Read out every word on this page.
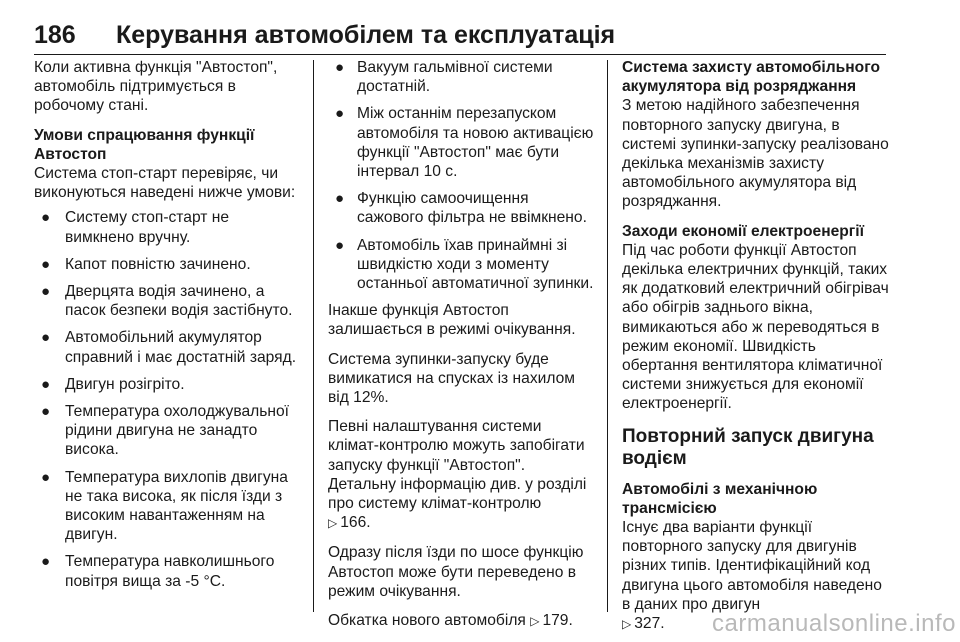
186 Керування автомобілем та експлуатація

Коли активна функція "Автостоп", автомобіль підтримується в робочому стані.

Умови спрацювання функції Автостоп

Система стоп-старт перевіряє, чи виконуються наведені нижче умови:

● Систему стоп-старт не вимкнено вручну.
● Капот повністю зачинено.
● Дверцята водія зачинено, а пасок безпеки водія застібнуто.
● Автомобільний акумулятор справний і має достатній заряд.
● Двигун розігріто.
● Температура охолоджувальної рідини двигуна не занадто висока.
● Температура вихлопів двигуна не така висока, як після їзди з високим навантаженням на двигун.
● Температура навколишнього повітря вища за -5 °C.
● Вакуум гальмівної системи достатній.
● Між останнім перезапуском автомобіля та новою активацією функції "Автостоп" має бути інтервал 10 с.
● Функцію самоочищення сажового фільтра не ввімкнено.
● Автомобіль їхав принаймні зі швидкістю ходи з моменту останньої автоматичної зупинки.

Інакше функція Автостоп залишається в режимі очікування.

Система зупинки-запуску буде вимикатися на спусках із нахилом від 12%.

Певні налаштування системи клімат-контролю можуть запобігати запуску функції "Автостоп". Детальну інформацію див. у розділі про систему клімат-контролю
▷ 166.

Одразу після їзди по шосе функцію Автостоп може бути переведено в режим очікування.

Обкатка нового автомобіля ▷ 179.

Система захисту автомобільного акумулятора від розряджання

З метою надійного забезпечення повторного запуску двигуна, в системі зупинки-запуску реалізовано декілька механізмів захисту автомобільного акумулятора від розряджання.

Заходи економії електроенергії

Під час роботи функції Автостоп декілька електричних функцій, таких як додатковий електричний обігрівач або обігрів заднього вікна, вимикаються або ж переводяться в режим економії. Швидкість обертання вентилятора кліматичної системи знижується для економії електроенергії.

Повторний запуск двигуна водієм

Автомобілі з механічною трансмісією

Існує два варіанти функції повторного запуску для двигунів різних типів. Ідентифікаційний код двигуна цього автомобіля наведено в даних про двигун
▷ 327.	carmanualsonline.info
